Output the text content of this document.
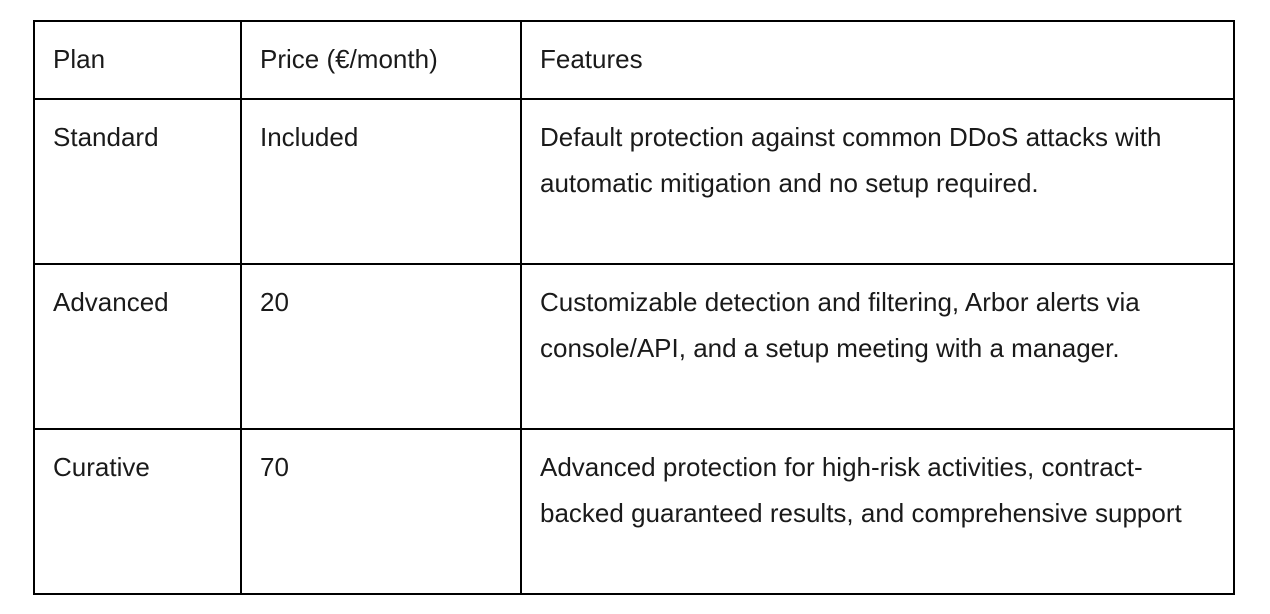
Plan	Price (€/month)	Features
Standard	Included	Default protection against common DDoS attacks with automatic mitigation and no setup required.
Advanced	20	Customizable detection and filtering, Arbor alerts via console/API, and a setup meeting with a manager.
Curative	70	Advanced protection for high-risk activities, contract-backed guaranteed results, and comprehensive support
